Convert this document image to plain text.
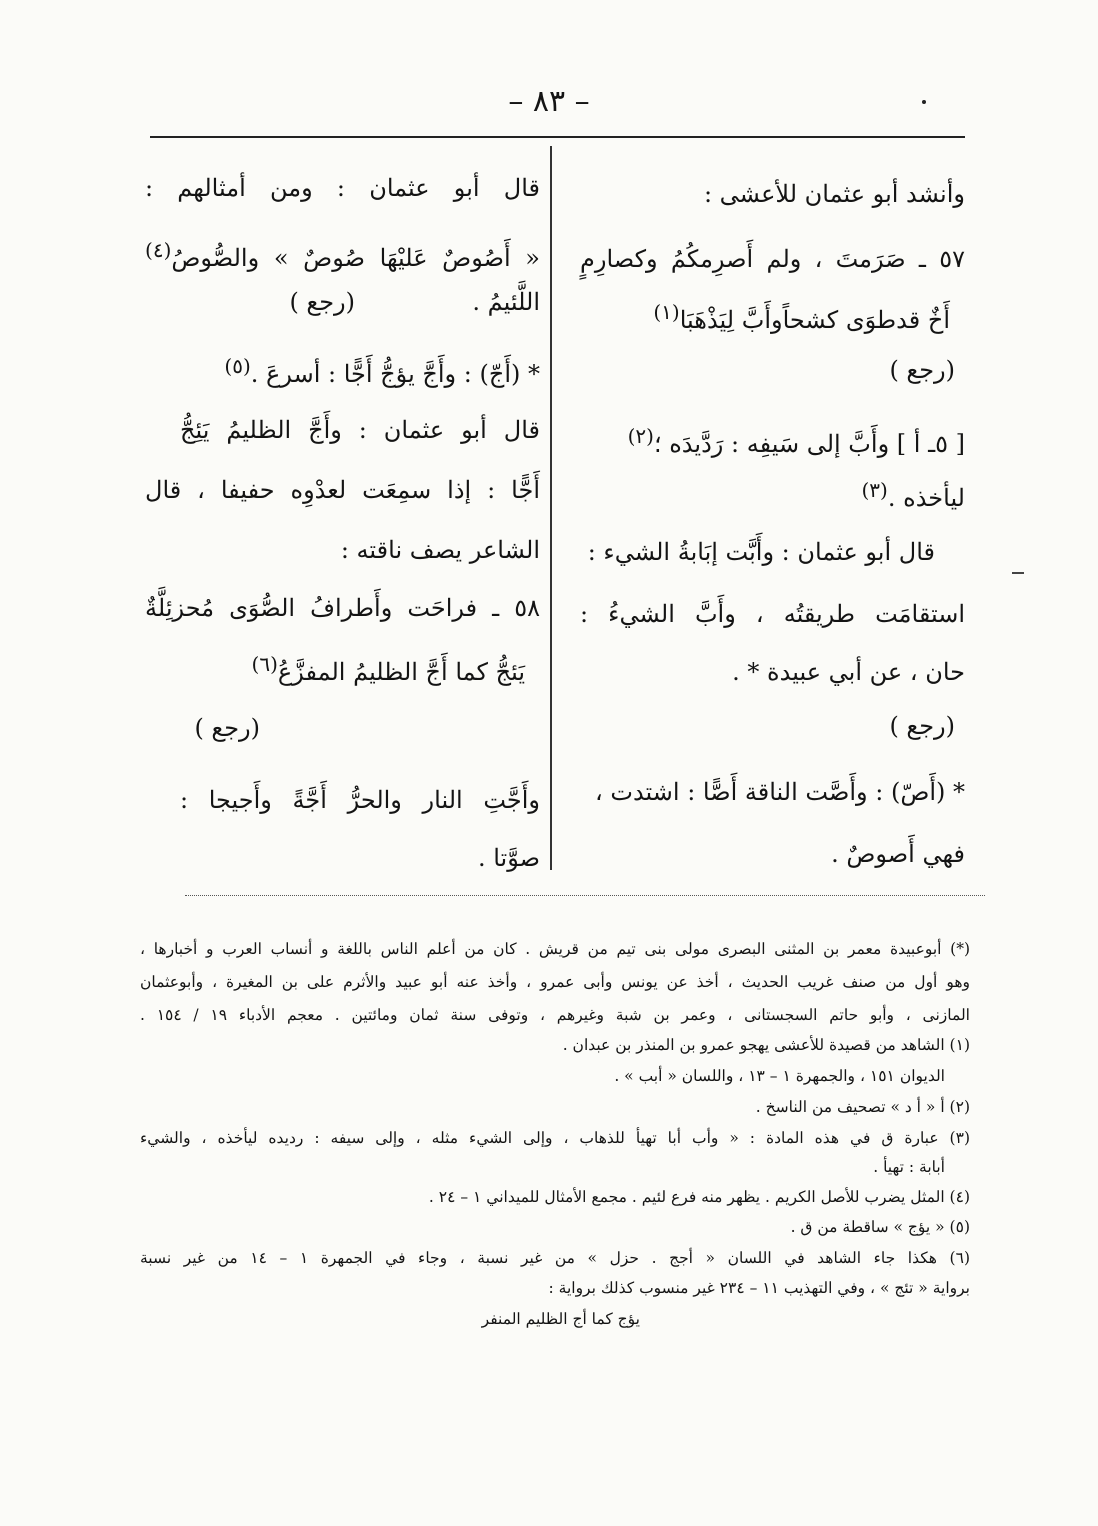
– ٨٣ –
وأنشد أبو عثمان للأعشى :
٥٧ ـ صَرَمتَ ، ولم أَصرِمكُمُ وكصارِمٍ
أَخٌ قدطوَى كشحاًوأَبَّ لِيَذْهَبَا$^{(١)}$
(رجع )
[ ٥ـ أ ] وأَبَّ إلى سَيفِه : رَدَّيدَه ؛$^{(٢)}$
ليأخذه .$^{(٣)}$
قال أبو عثمان : وأَبَّت إبَابةُ الشيء :
استقامَت طريقتُه ، وأَبَّ الشيءُ :
حان ، عن أبي عبيدة * .
(رجع )
* (أَصّ) : وأَصَّت الناقة أَصًّا : اشتدت ،
فهي أَصوصٌ .
قال أبو عثمان : ومن أمثالهم :
« أَصُوصٌ عَليْهَا صُوصٌ » والصُّوصُ$^{(٤)}$
اللَّئيمُ .
(رجع )
* (أَجّ) : وأَجَّ يؤجُّ أَجًّا : أسرعَ .$^{(٥)}$
قال أبو عثمان : وأَجَّ الظليمُ يَئِجُّ
أَجًّا : إذا سمِعَت لعدْوِه حفيفا ، قال
الشاعر يصف ناقته :
٥٨ ـ فراحَت وأَطرافُ الصُّوَى مُحزئِلَّةٌ
يَئجُّ كما أَجَّ الظليمُ المفزَّعُ$^{(٦)}$
(رجع )
وأَجَّتِ النار والحرُّ أَجَّةً وأَجيجا :
صوَّتا .
(*) أبوعبيدة معمر بن المثنى البصرى مولى بنى تيم من قريش . كان من أعلم الناس باللغة و أنساب العرب و أخبارها ،
وهو أول من صنف غريب الحديث ، أخذ عن يونس وأبى عمرو ، وأخذ عنه أبو عبيد والأثرم على بن المغيرة ، وأبوعثمان
المازنى ، وأبو حاتم السجستانى ، وعمر بن شبة وغيرهم ، وتوفى سنة ثمان ومائتين . معجم الأدباء ١٩ / ١٥٤ .
(١) الشاهد من قصيدة للأعشى يهجو عمرو بن المنذر بن عبدان .
الديوان ١٥١ ، والجمهرة ١ – ١٣ ، واللسان « أبب » .
(٢) أ « أ د » تصحيف من الناسخ .
(٣) عبارة ق في هذه المادة : « وأب أبا تهيأ للذهاب ، وإلى الشيء مثله ، وإلى سيفه : رديده ليأخذه ، والشيء
أبابة : تهيأ .
(٤) المثل يضرب للأصل الكريم . يظهر منه فرع لئيم . مجمع الأمثال للميداني ١ – ٢٤ .
(٥) « يؤج » ساقطة من ق .
(٦) هكذا جاء الشاهد في اللسان « أجج . حزل » من غير نسبة ، وجاء في الجمهرة ١ – ١٤ من غير نسبة
برواية « تئج » ، وفي التهذيب ١١ – ٢٣٤ غير منسوب كذلك برواية :
يؤج كما أج الظليم المنفر
